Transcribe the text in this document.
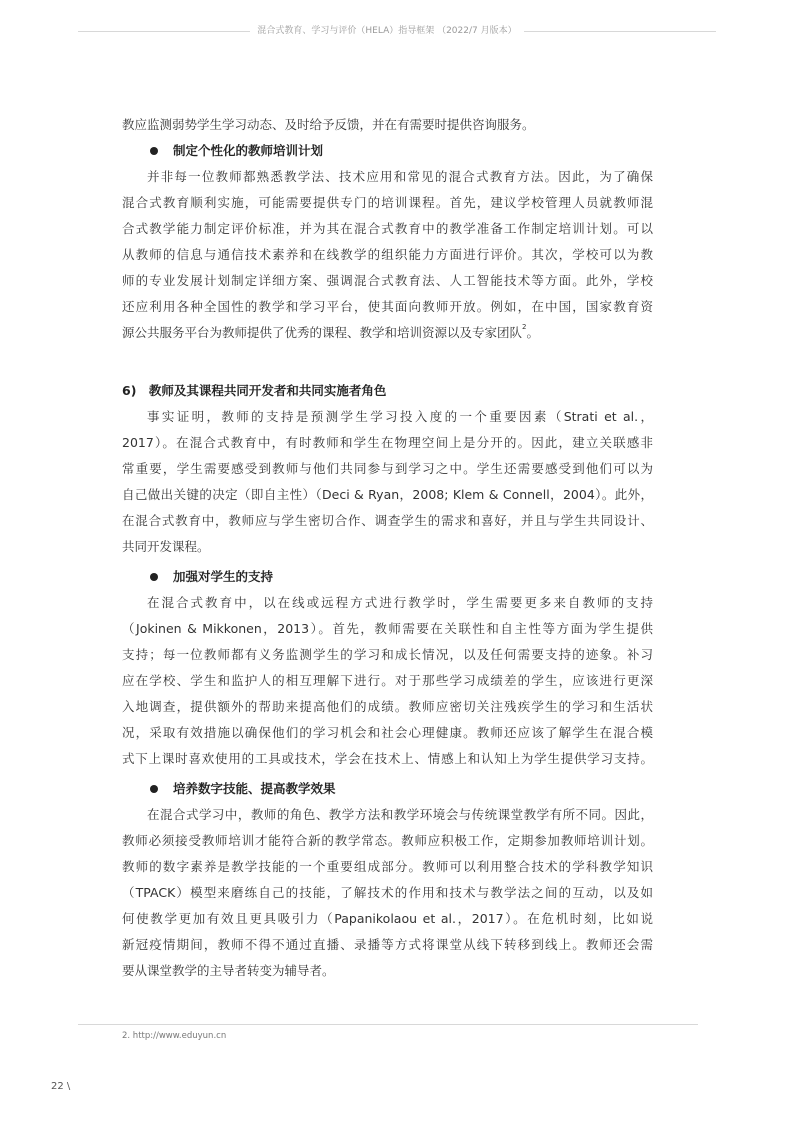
混合式教育、学习与评价（HELA）指导框架 （2022/7 月版本）

教应监测弱势学生学习动态、及时给予反馈，并在有需要时提供咨询服务。

制定个性化的教师培训计划

并非每一位教师都熟悉教学法、技术应用和常见的混合式教育方法。因此，为了确保

混合式教育顺利实施，可能需要提供专门的培训课程。首先，建议学校管理人员就教师混

合式教学能力制定评价标准，并为其在混合式教育中的教学准备工作制定培训计划。可以

从教师的信息与通信技术素养和在线教学的组织能力方面进行评价。其次，学校可以为教

师的专业发展计划制定详细方案、强调混合式教育法、人工智能技术等方面。此外，学校

还应利用各种全国性的教学和学习平台，使其面向教师开放。例如，在中国，国家教育资

源公共服务平台为教师提供了优秀的课程、教学和培训资源以及专家团队$^2$。

6) 教师及其课程共同开发者和共同实施者角色

事实证明，教师的支持是预测学生学习投入度的一个重要因素（Strati et al.，

2017）。在混合式教育中，有时教师和学生在物理空间上是分开的。因此，建立关联感非

常重要，学生需要感受到教师与他们共同参与到学习之中。学生还需要感受到他们可以为

自己做出关键的决定（即自主性）（Deci & Ryan，2008; Klem & Connell，2004）。此外，

在混合式教育中，教师应与学生密切合作、调查学生的需求和喜好，并且与学生共同设计、

共同开发课程。

加强对学生的支持

在混合式教育中，以在线或远程方式进行教学时，学生需要更多来自教师的支持

（Jokinen & Mikkonen，2013）。首先，教师需要在关联性和自主性等方面为学生提供

支持；每一位教师都有义务监测学生的学习和成长情况，以及任何需要支持的迹象。补习

应在学校、学生和监护人的相互理解下进行。对于那些学习成绩差的学生，应该进行更深

入地调查，提供额外的帮助来提高他们的成绩。教师应密切关注残疾学生的学习和生活状

况，采取有效措施以确保他们的学习机会和社会心理健康。教师还应该了解学生在混合模

式下上课时喜欢使用的工具或技术，学会在技术上、情感上和认知上为学生提供学习支持。

培养数字技能、提高教学效果

在混合式学习中，教师的角色、教学方法和教学环境会与传统课堂教学有所不同。因此，

教师必须接受教师培训才能符合新的教学常态。教师应积极工作，定期参加教师培训计划。

教师的数字素养是教学技能的一个重要组成部分。教师可以利用整合技术的学科教学知识

（TPACK）模型来磨练自己的技能，了解技术的作用和技术与教学法之间的互动，以及如

何使教学更加有效且更具吸引力（Papanikolaou et al.，2017）。在危机时刻，比如说

新冠疫情期间，教师不得不通过直播、录播等方式将课堂从线下转移到线上。教师还会需

要从课堂教学的主导者转变为辅导者。

2. http://www.eduyun.cn
22 \
